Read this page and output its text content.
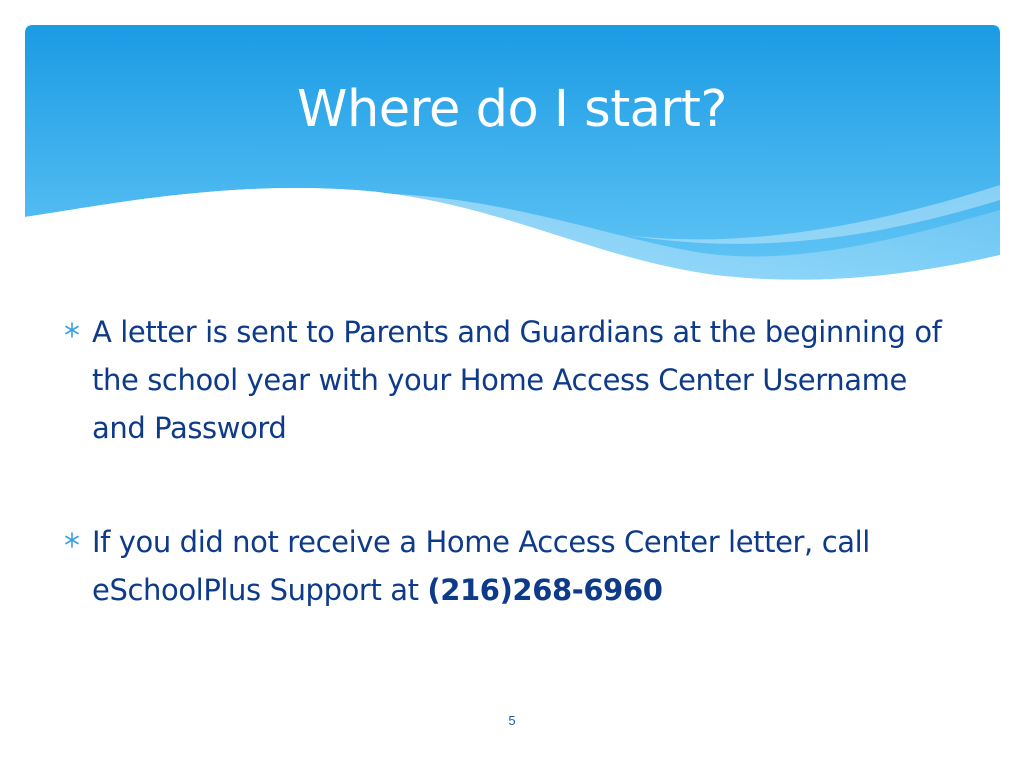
Where do I start?
A letter is sent to Parents and Guardians at the beginning of the school year with your Home Access Center Username and Password
If you did not receive a Home Access Center letter, call eSchoolPlus Support at (216)268-6960
5
